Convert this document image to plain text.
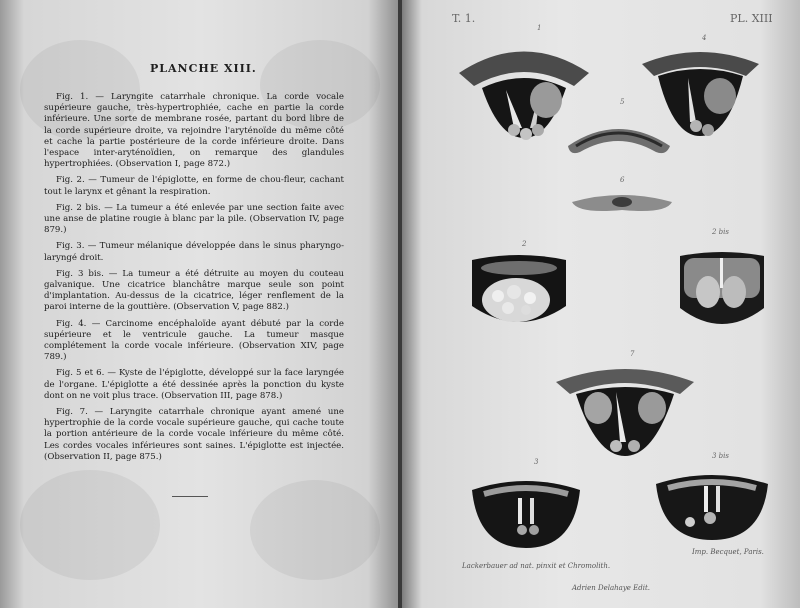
PLANCHE XIII.

Fig. 1. — Laryngite catarrhale chronique. La corde vocale supérieure gauche, très-hypertrophiée, cache en partie la corde inférieure. Une sorte de membrane rosée, partant du bord libre de la corde supérieure droite, va rejoindre l'aryténoïde du même côté et cache la partie postérieure de la corde inférieure droite. Dans l'espace inter-aryténoïdien, on remarque des glandules hypertrophiées. (Observation I, page 872.)

Fig. 2. — Tumeur de l'épiglotte, en forme de chou-fleur, cachant tout le larynx et gênant la respiration.

Fig. 2 bis. — La tumeur a été enlevée par une section faite avec une anse de platine rougie à blanc par la pile. (Observation IV, page 879.)

Fig. 3. — Tumeur mélanique développée dans le sinus pharyngo-laryngé droit.

Fig. 3 bis. — La tumeur a été détruite au moyen du couteau galvanique. Une cicatrice blanchâtre marque seule son point d'implantation. Au-dessus de la cicatrice, léger renflement de la paroi interne de la gouttière. (Observation V, page 882.)

Fig. 4. — Carcinome encéphaloïde ayant débuté par la corde supérieure et le ventricule gauche. La tumeur masque complétement la corde vocale inférieure. (Observation XIV, page 789.)

Fig. 5 et 6. — Kyste de l'épiglotte, développé sur la face laryngée de l'organe. L'épiglotte a été dessinée après la ponction du kyste dont on ne voit plus trace. (Observation III, page 878.)

Fig. 7. — Laryngite catarrhale chronique ayant amené une hypertrophie de la corde vocale supérieure gauche, qui cache toute la portion antérieure de la corde vocale inférieure du même côté. Les cordes vocales inférieures sont saines. L'épiglotte est injectée. (Observation II, page 875.)

T. 1.	PL. XIII
1
4
5
6
2
2 bis
7
3
3 bis
Lackerbauer ad nat. pinxit et Chromolith.
Imp. Becquet, Paris.
Adrien Delahaye Edit.
